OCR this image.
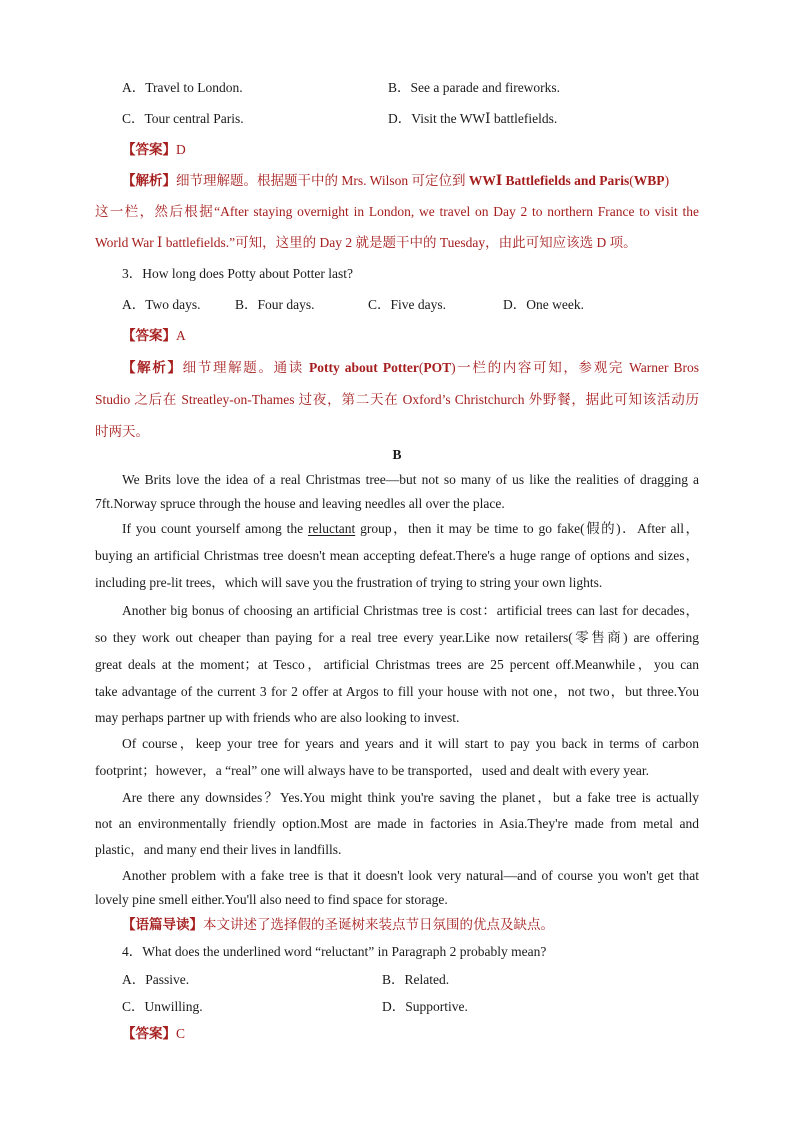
A．Travel to London.	B．See a parade and fireworks.
C．Tour central Paris.	D．Visit the WWⅠ battlefields.
【答案】D
【解析】细节理解题。根据题干中的 Mrs. Wilson 可定位到 WWⅠ Battlefields and Paris(WBP)
这一栏，然后根据“After staying overnight in London, we travel on Day 2 to northern France to visit the
World War Ⅰ battlefields.”可知，这里的 Day 2 就是题干中的 Tuesday，由此可知应该选 D 项。
3．How long does Potty about Potter last?
A．Two days.	B．Four days.	C．Five days.	D．One week.
【答案】A
【解析】细节理解题。通读 Potty about Potter(POT)一栏的内容可知，参观完 Warner Bros
Studio 之后在 Streatley-on-Thames 过夜，第二天在 Oxford’s Christchurch 外野餐，据此可知该活动历
时两天。
B
We Brits love the idea of a real Christmas tree—but not so many of us like the realities of dragging a
7ft.Norway spruce through the house and leaving needles all over the place.
If you count yourself among the reluctant group，then it may be time to go fake(假的)．After all，
buying an artificial Christmas tree doesn't mean accepting defeat.There's a huge range of options and sizes，
including pre-lit trees，which will save you the frustration of trying to string your own lights.
Another big bonus of choosing an artificial Christmas tree is cost：artificial trees can last for decades，
so they work out cheaper than paying for a real tree every year.Like now retailers(零售商) are offering
great deals at the moment；at Tesco，artificial Christmas trees are 25 percent off.Meanwhile，you can
take advantage of the current 3 for 2 offer at Argos to fill your house with not one，not two，but three.You
may perhaps partner up with friends who are also looking to invest.
Of course，keep your tree for years and years and it will start to pay you back in terms of carbon
footprint；however，a “real” one will always have to be transported，used and dealt with every year.
Are there any downsides？Yes.You might think you're saving the planet，but a fake tree is actually
not an environmentally friendly option.Most are made in factories in Asia.They're made from metal and
plastic，and many end their lives in landfills.
Another problem with a fake tree is that it doesn't look very natural—and of course you won't get that
lovely pine smell either.You'll also need to find space for storage.
【语篇导读】本文讲述了选择假的圣诞树来装点节日氛围的优点及缺点。
4．What does the underlined word “reluctant” in Paragraph 2 probably mean?
A．Passive.	B．Related.
C．Unwilling.	D．Supportive.
【答案】C
